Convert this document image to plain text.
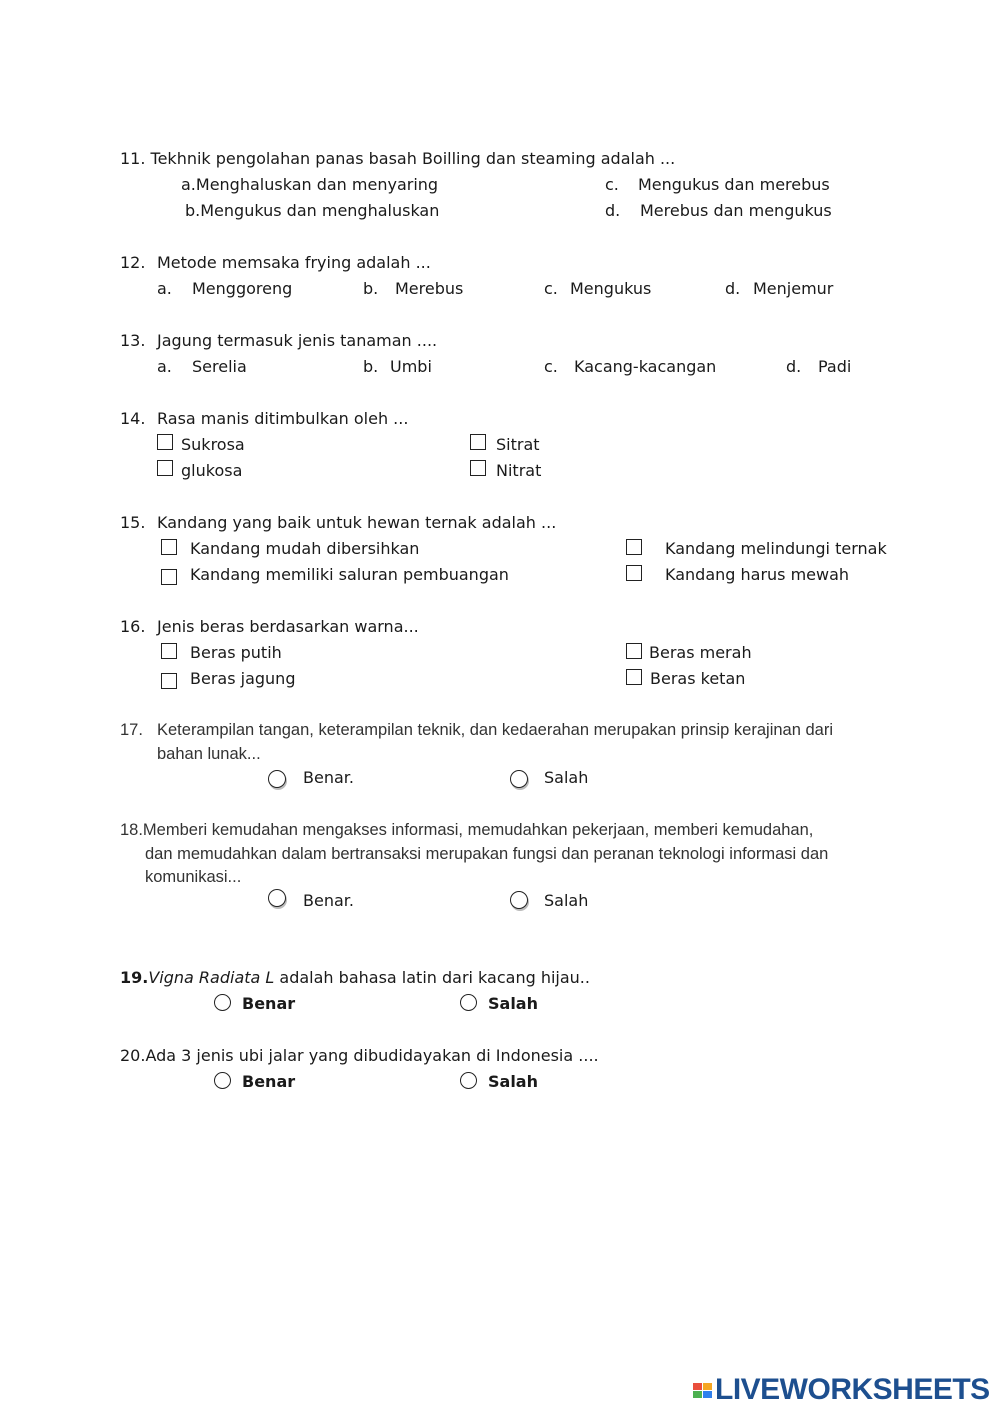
11. Tekhnik pengolahan panas basah Boilling dan steaming adalah ...
a.Menghaluskan dan menyaring
b.Mengukus dan menghaluskan
c. Mengukus dan merebus
d. Merebus dan mengukus
12. Metode memsaka frying adalah ...
a. Menggoreng	b. Merebus	c. Mengukus	d. Menjemur
13. Jagung termasuk jenis tanaman ....
a. Serelia	b. Umbi	c. Kacang-kacangan	d. Padi
14. Rasa manis ditimbulkan oleh ...
Sukrosa	Sitrat
glukosa	Nitrat
15. Kandang yang baik untuk hewan ternak adalah ...
Kandang mudah dibersihkan	Kandang melindungi ternak
Kandang memiliki saluran pembuangan	Kandang harus mewah
16. Jenis beras berdasarkan warna...
Beras putih	Beras merah
Beras jagung	Beras ketan
17. Keterampilan tangan, keterampilan teknik, dan kedaerahan merupakan prinsip kerajinan dari
bahan lunak...
Benar.	Salah
18.Memberi kemudahan mengakses informasi, memudahkan pekerjaan, memberi kemudahan,
dan memudahkan dalam bertransaksi merupakan fungsi dan peranan teknologi informasi dan
komunikasi...
Benar.	Salah
19.Vigna Radiata L adalah bahasa latin dari kacang hijau..
Benar	Salah
20.Ada 3 jenis ubi jalar yang dibudidayakan di Indonesia ....
Benar	Salah
LIVEWORKSHEETS
